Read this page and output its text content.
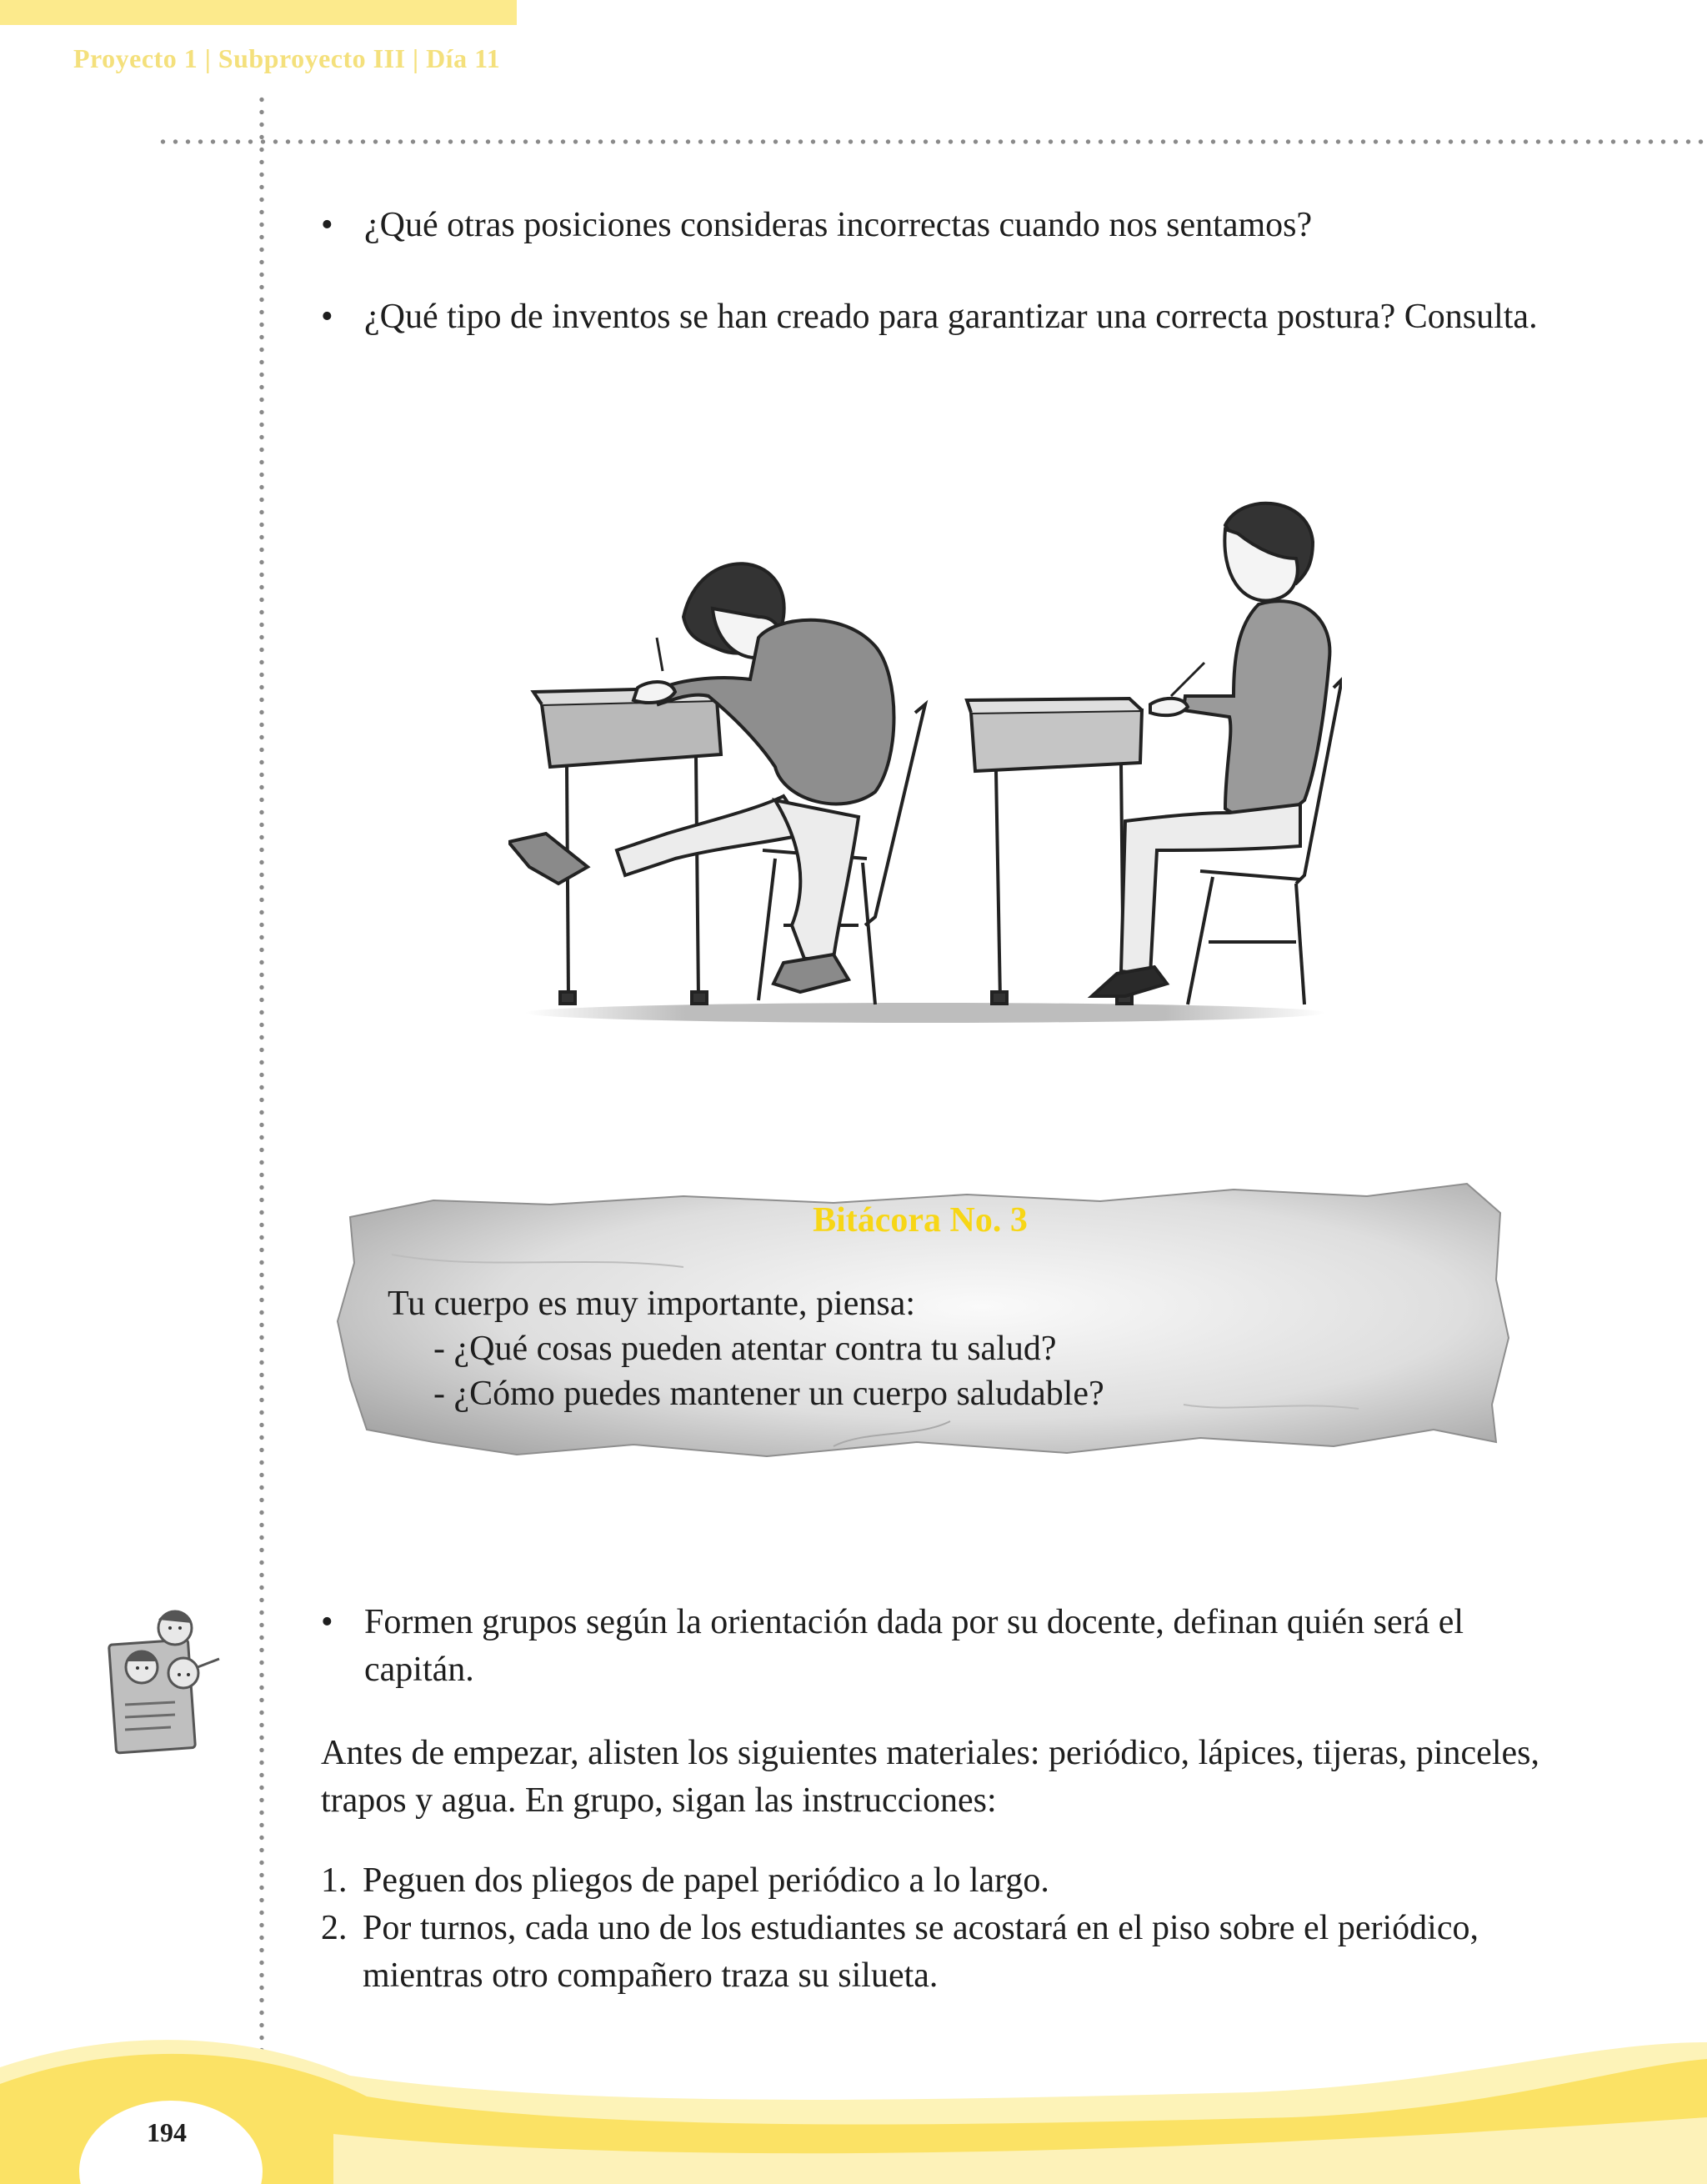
Proyecto 1 | Subproyecto III | Día 11
• ¿Qué otras posiciones consideras incorrectas cuando nos sentamos?
• ¿Qué tipo de inventos se han creado para garantizar una correcta postura? Consulta.
Bitácora No. 3
Tu cuerpo es muy importante, piensa:
- ¿Qué cosas pueden atentar contra tu salud?
- ¿Cómo puedes mantener un cuerpo saludable?
• Formen grupos según la orientación dada por su docente, definan quién será el capitán.

Antes de empezar, alisten los siguientes materiales: periódico, lápices, tijeras, pinceles, trapos y agua. En grupo, sigan las instrucciones:

1. Peguen dos pliegos de papel periódico a lo largo.
2. Por turnos, cada uno de los estudiantes se acostará en el piso sobre el periódico, mientras otro compañero traza su silueta.
194
